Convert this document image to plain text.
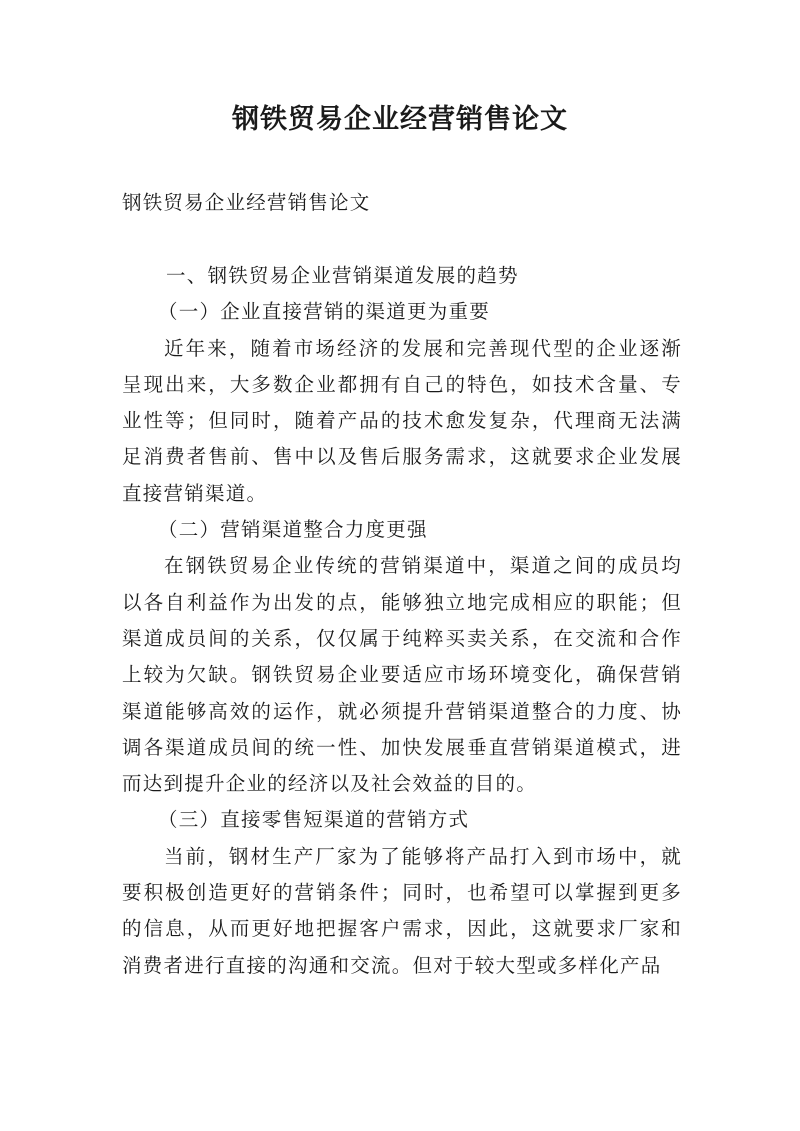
钢铁贸易企业经营销售论文
钢铁贸易企业经营销售论文

一、钢铁贸易企业营销渠道发展的趋势

（一）企业直接营销的渠道更为重要

近年来，随着市场经济的发展和完善现代型的企业逐渐呈现出来，大多数企业都拥有自己的特色，如技术含量、专业性等；但同时，随着产品的技术愈发复杂，代理商无法满足消费者售前、售中以及售后服务需求，这就要求企业发展直接营销渠道。

（二）营销渠道整合力度更强

在钢铁贸易企业传统的营销渠道中，渠道之间的成员均以各自利益作为出发的点，能够独立地完成相应的职能；但渠道成员间的关系，仅仅属于纯粹买卖关系，在交流和合作上较为欠缺。钢铁贸易企业要适应市场环境变化，确保营销渠道能够高效的运作，就必须提升营销渠道整合的力度、协调各渠道成员间的统一性、加快发展垂直营销渠道模式，进而达到提升企业的经济以及社会效益的目的。

（三）直接零售短渠道的营销方式

当前，钢材生产厂家为了能够将产品打入到市场中，就要积极创造更好的营销条件；同时，也希望可以掌握到更多的信息，从而更好地把握客户需求，因此，这就要求厂家和消费者进行直接的沟通和交流。但对于较大型或多样化产品
